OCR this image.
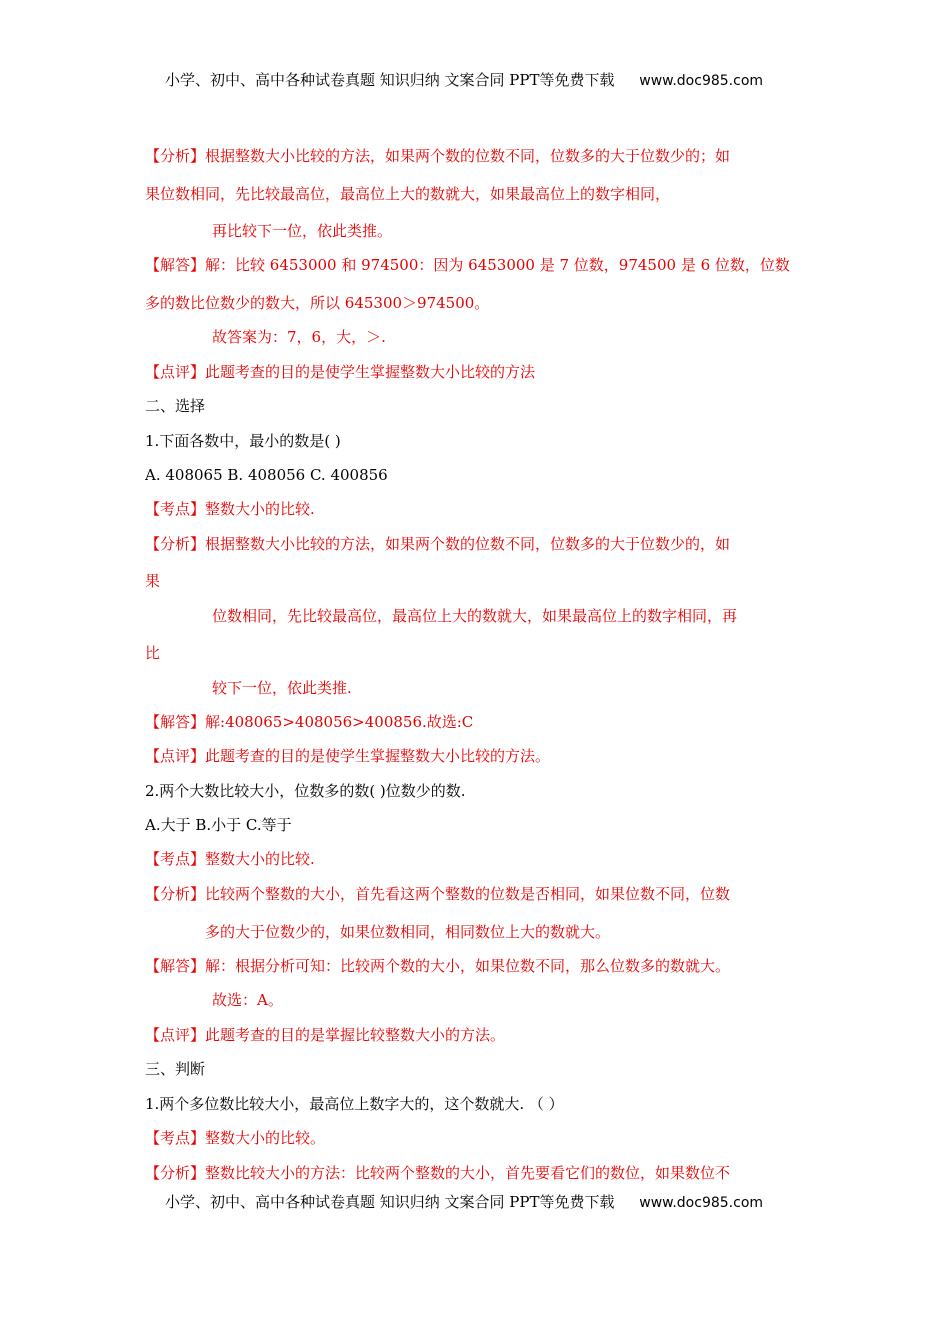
小学、初中、高中各种试卷真题 知识归纳 文案合同 PPT等免费下载 www.doc985.com
【分析】根据整数大小比较的方法，如果两个数的位数不同，位数多的大于位数少的；如
果位数相同，先比较最高位，最高位上大的数就大，如果最高位上的数字相同，
再比较下一位，依此类推。
【解答】解：比较 6453000 和 974500：因为 6453000 是 7 位数，974500 是 6 位数，位数
多的数比位数少的数大，所以 645300＞974500。
故答案为：7，6，大，＞.
【点评】此题考查的目的是使学生掌握整数大小比较的方法
二、选择
1.下面各数中，最小的数是( )
A. 408065 B. 408056 C. 400856
【考点】整数大小的比较.
【分析】根据整数大小比较的方法，如果两个数的位数不同，位数多的大于位数少的，如
果
位数相同，先比较最高位，最高位上大的数就大，如果最高位上的数字相同，再
比
较下一位，依此类推.
【解答】解:408065>408056>400856.故选:C
【点评】此题考查的目的是使学生掌握整数大小比较的方法。
2.两个大数比较大小，位数多的数( )位数少的数.
A.大于 B.小于 C.等于
【考点】整数大小的比较.
【分析】比较两个整数的大小，首先看这两个整数的位数是否相同，如果位数不同，位数
多的大于位数少的，如果位数相同，相同数位上大的数就大。
【解答】解：根据分析可知：比较两个数的大小，如果位数不同，那么位数多的数就大。
故选：A。
【点评】此题考查的目的是掌握比较整数大小的方法。
三、判断
1.两个多位数比较大小，最高位上数字大的，这个数就大. （ ）
【考点】整数大小的比较。
【分析】整数比较大小的方法：比较两个整数的大小，首先要看它们的数位，如果数位不
小学、初中、高中各种试卷真题 知识归纳 文案合同 PPT等免费下载 www.doc985.com
